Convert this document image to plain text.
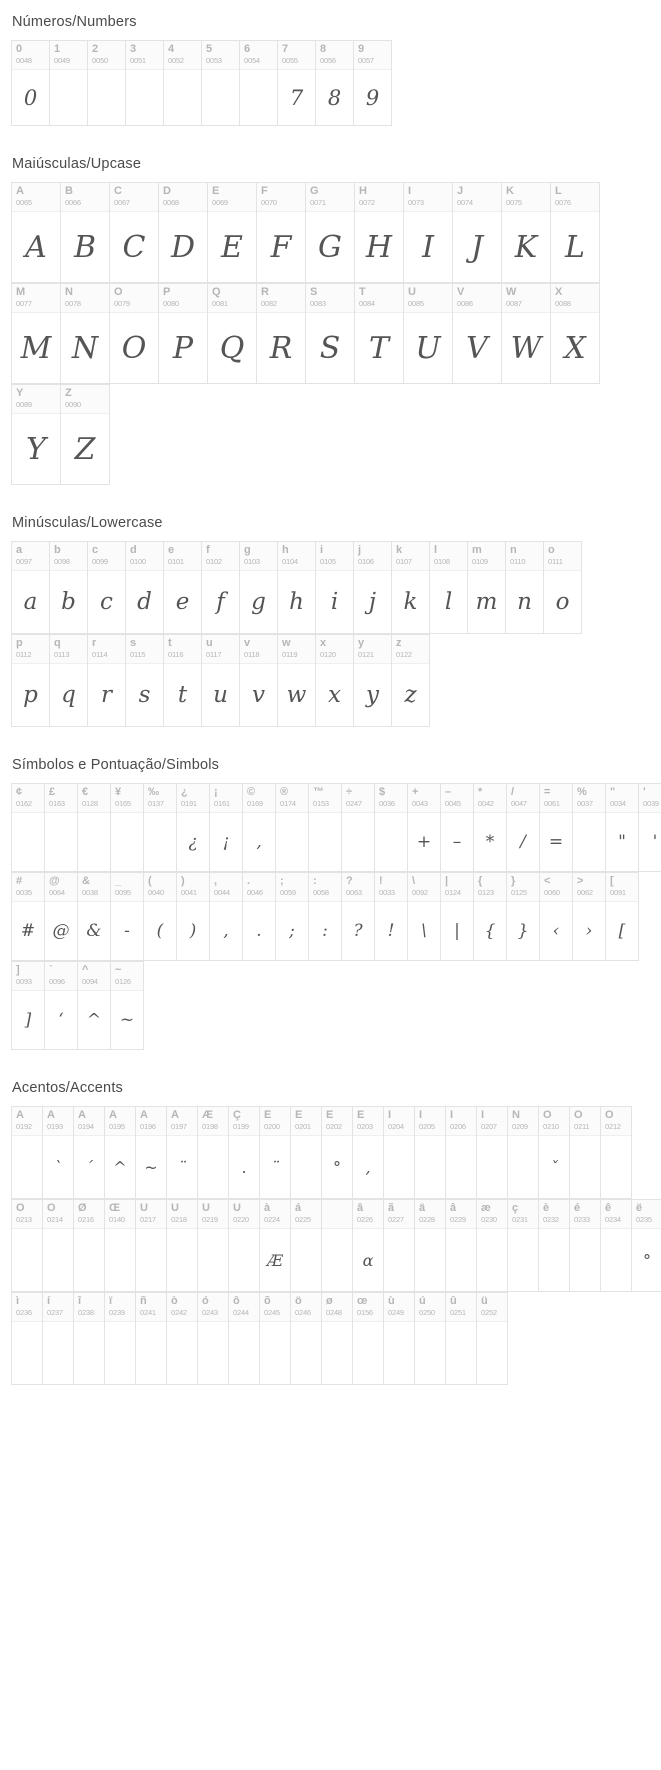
Números/Numbers
0
0048
0
1
0049
2
0050
3
0051
4
0052
5
0053
6
0054
7
0055
7
8
0056
8
9
0057
9
Maiúsculas/Upcase
A
0065
A
B
0066
B
C
0067
C
D
0068
D
E
0069
E
F
0070
F
G
0071
G
H
0072
H
I
0073
I
J
0074
J
K
0075
K
L
0076
L
M
0077
M
N
0078
N
O
0079
O
P
0080
P
Q
0081
Q
R
0082
R
S
0083
S
T
0084
T
U
0085
U
V
0086
V
W
0087
W
X
0088
X
Y
0089
Y
Z
0090
Z
Minúsculas/Lowercase
a
0097
a
b
0098
b
c
0099
c
d
0100
d
e
0101
e
f
0102
f
g
0103
g
h
0104
h
i
0105
i
j
0106
j
k
0107
k
l
0108
l
m
0109
m
n
0110
n
o
0111
o
p
0112
p
q
0113
q
r
0114
r
s
0115
s
t
0116
t
u
0117
u
v
0118
v
w
0119
w
x
0120
x
y
0121
y
z
0122
z
Símbolos e Pontuação/Simbols
¢
0162
£
0163
€
0128
¥
0165
‰
0137
¿
0191
¿
¡
0161
¡
©
0169
‚
®
0174
™
0153
÷
0247
$
0036
+
0043
+
–
0045
–
*
0042
*
/
0047
/
=
0061
=
%
0037
"
0034
"
'
0039
'
#
0035
#
@
0064
@
&
0038
&
_
0095
-
(
0040
(
)
0041
)
,
0044
,
.
0046
.
;
0059
;
:
0058
:
?
0063
?
!
0033
!
\
0092
\
|
0124
|
{
0123
{
}
0125
}
<
0060
‹
>
0062
›
[
0091
[
]
0093
]
`
0096
‘
^
0094
^
~
0126
~
Acentos/Accents
À
0192
Á
0193
`
Â
0194
´
Ã
0195
^
Ä
0196
~
Å
0197
¨
Æ
0198
Ç
0199
.
È
0200
¨
É
0201
Ê
0202
°
Ë
0203
,
Ì
0204
Í
0205
Î
0206
Ï
0207
Ñ
0209
Ò
0210
ˇ
Ó
0211
Ô
0212
Õ
0213
Ö
0214
Ø
0216
Œ
0140
Ù
0217
Ú
0218
Û
0219
Ü
0220
à
0224
Æ
á
0225
â
0226
ɑ
ã
0227
ä
0228
â
0229
æ
0230
ç
0231
è
0232
é
0233
ê
0234
ë
0235
°
ì
0236
í
0237
î
0238
ï
0239
ñ
0241
ò
0242
ó
0243
ô
0244
õ
0245
ö
0246
ø
0248
œ
0156
ù
0249
ú
0250
û
0251
ü
0252
